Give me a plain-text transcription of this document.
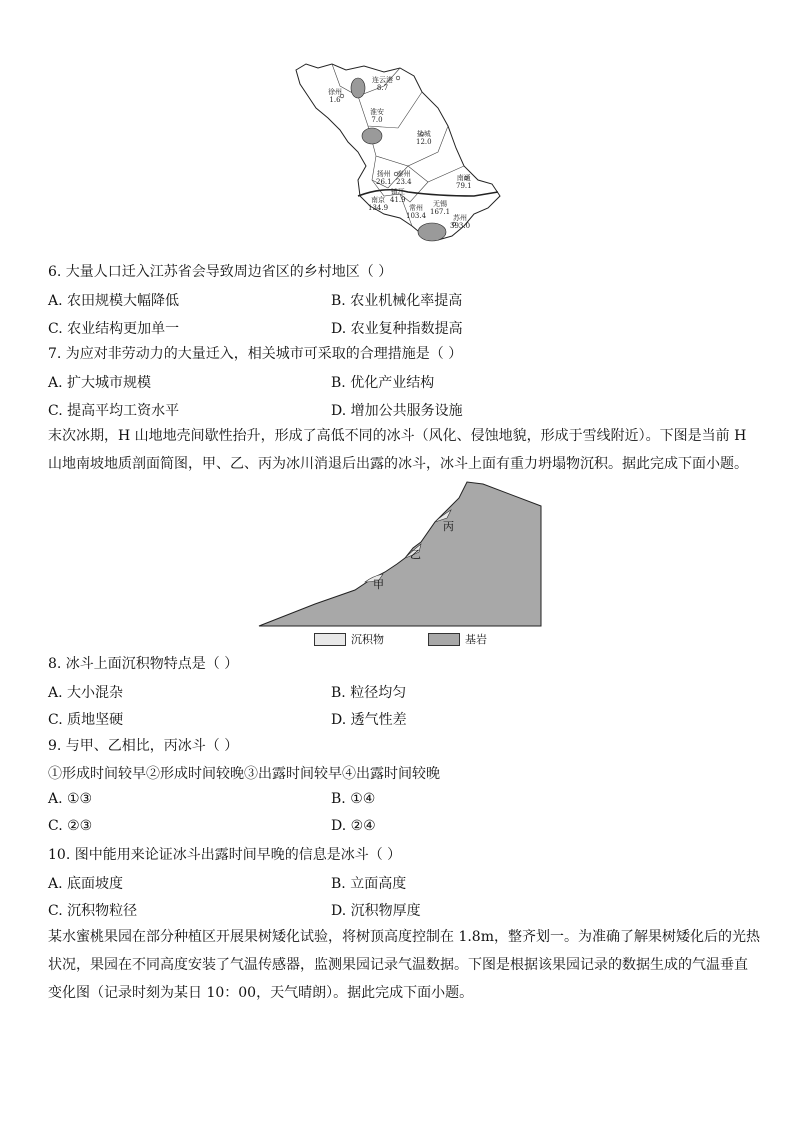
连云港
8.7
徐州
1.6
淮安
7.0
盐城
12.0
扬州
26.1
泰州
23.4	南通
79.1
镇江
41.9
南京
134.9	常州
103.4
无锡
167.1
苏州
393.0
6. 大量人口迁入江苏省会导致周边省区的乡村地区（ ）
A. 农田规模大幅降低	B. 农业机械化率提高
C. 农业结构更加单一	D. 农业复种指数提高
7. 为应对非劳动力的大量迁入，相关城市可采取的合理措施是（ ）
A. 扩大城市规模	B. 优化产业结构
C. 提高平均工资水平	D. 增加公共服务设施
末次冰期，H 山地地壳间歇性抬升，形成了高低不同的冰斗（风化、侵蚀地貌，形成于雪线附近）。下图是当前 H
山地南坡地质剖面简图，甲、乙、丙为冰川消退后出露的冰斗，冰斗上面有重力坍塌物沉积。据此完成下面小题。
甲
乙
丙
沉积物	基岩
8. 冰斗上面沉积物特点是（ ）
A. 大小混杂	B. 粒径均匀
C. 质地坚硬	D. 透气性差
9. 与甲、乙相比，丙冰斗（ ）
①形成时间较早②形成时间较晚③出露时间较早④出露时间较晚
A. ①③	B. ①④
C. ②③	D. ②④
10. 图中能用来论证冰斗出露时间早晚的信息是冰斗（ ）
A. 底面坡度	B. 立面高度
C. 沉积物粒径	D. 沉积物厚度
某水蜜桃果园在部分种植区开展果树矮化试验，将树顶高度控制在 1.8m，整齐划一。为准确了解果树矮化后的光热
状况，果园在不同高度安装了气温传感器，监测果园记录气温数据。下图是根据该果园记录的数据生成的气温垂直
变化图（记录时刻为某日 10：00，天气晴朗）。据此完成下面小题。
